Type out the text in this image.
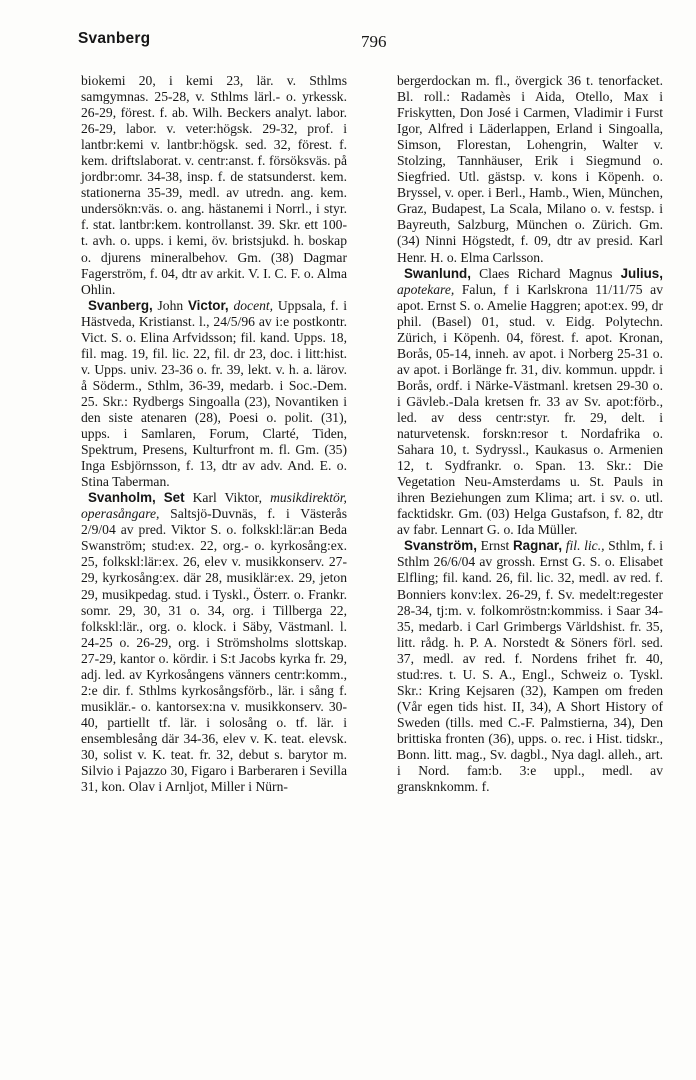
Svanberg	796

biokemi 20, i kemi 23, lär. v. Sthlms samgymnas. 25-28, v. Sthlms lärl.- o. yrkessk. 26-29, förest. f. ab. Wilh. Beckers analyt. labor. 26-29, labor. v. veter:högsk. 29-32, prof. i lantbr:kemi v. lantbr:högsk. sed. 32, förest. f. kem. driftslaborat. v. centr:anst. f. försöksväs. på jordbr:omr. 34-38, insp. f. de statsunderst. kem. stationerna 35-39, medl. av utredn. ang. kem. undersökn:väs. o. ang. hästanemi i Norrl., i styr. f. stat. lantbr:kem. kontrollanst. 39. Skr. ett 100-t. avh. o. upps. i kemi, öv. bristsjukd. h. boskap o. djurens mineralbehov. Gm. (38) Dagmar Fagerström, f. 04, dtr av arkit. V. I. C. F. o. Alma Ohlin.

Svanberg, John Victor, docent, Uppsala, f. i Hästveda, Kristianst. l., 24/5/96 av i:e postkontr. Vict. S. o. Elina Arfvidsson; fil. kand. Upps. 18, fil. mag. 19, fil. lic. 22, fil. dr 23, doc. i litt:hist. v. Upps. univ. 23-36 o. fr. 39, lekt. v. h. a. lärov. å Söderm., Sthlm, 36-39, medarb. i Soc.-Dem. 25. Skr.: Rydbergs Singoalla (23), Novantiken i den siste atenaren (28), Poesi o. polit. (31), upps. i Samlaren, Forum, Clarté, Tiden, Spektrum, Presens, Kulturfront m. fl. Gm. (35) Inga Esbjörnsson, f. 13, dtr av adv. And. E. o. Stina Taberman.

Svanholm, Set Karl Viktor, musikdirektör, operasångare, Saltsjö-Duvnäs, f. i Västerås 2/9/04 av pred. Viktor S. o. folkskl:lär:an Beda Swanström; stud:ex. 22, org.- o. kyrkosång:ex. 25, folkskl:lär:ex. 26, elev v. musikkonserv. 27-29, kyrkosång:ex. där 28, musiklär:ex. 29, jeton 29, musikpedag. stud. i Tyskl., Österr. o. Frankr. somr. 29, 30, 31 o. 34, org. i Tillberga 22, folkskl:lär., org. o. klock. i Säby, Västmanl. l. 24-25 o. 26-29, org. i Strömsholms slottskap. 27-29, kantor o. kördir. i S:t Jacobs kyrka fr. 29, adj. led. av Kyrkosångens vänners centr:komm., 2:e dir. f. Sthlms kyrkosångsförb., lär. i sång f. musiklär.- o. kantorsex:na v. musikkonserv. 30-40, partiellt tf. lär. i solosång o. tf. lär. i ensemblesång där 34-36, elev v. K. teat. elevsk. 30, solist v. K. teat. fr. 32, debut s. barytor m. Silvio i Pajazzo 30, Figaro i Barberaren i Sevilla 31, kon. Olav i Arnljot, Miller i Nürn-

bergerdockan m. fl., övergick 36 t. tenorfacket. Bl. roll.: Radamès i Aida, Otello, Max i Friskytten, Don José i Carmen, Vladimir i Furst Igor, Alfred i Läderlappen, Erland i Singoalla, Simson, Florestan, Lohengrin, Walter v. Stolzing, Tannhäuser, Erik i Siegmund o. Siegfried. Utl. gästsp. v. kons i Köpenh. o. Bryssel, v. oper. i Berl., Hamb., Wien, München, Graz, Budapest, La Scala, Milano o. v. festsp. i Bayreuth, Salzburg, München o. Zürich. Gm. (34) Ninni Högstedt, f. 09, dtr av presid. Karl Henr. H. o. Elma Carlsson.

Swanlund, Claes Richard Magnus Julius, apotekare, Falun, f i Karlskrona 11/11/75 av apot. Ernst S. o. Amelie Haggren; apot:ex. 99, dr phil. (Basel) 01, stud. v. Eidg. Polytechn. Zürich, i Köpenh. 04, förest. f. apot. Kronan, Borås, 05-14, inneh. av apot. i Norberg 25-31 o. av apot. i Borlänge fr. 31, div. kommun. uppdr. i Borås, ordf. i Närke-Västmanl. kretsen 29-30 o. i Gävleb.-Dala kretsen fr. 33 av Sv. apot:förb., led. av dess centr:styr. fr. 29, delt. i naturvetensk. forskn:resor t. Nordafrika o. Sahara 10, t. Sydryssl., Kaukasus o. Armenien 12, t. Sydfrankr. o. Span. 13. Skr.: Die Vegetation Neu-Amsterdams u. St. Pauls in ihren Beziehungen zum Klima; art. i sv. o. utl. facktidskr. Gm. (03) Helga Gustafson, f. 82, dtr av fabr. Lennart G. o. Ida Müller.

Svanström, Ernst Ragnar, fil. lic., Sthlm, f. i Sthlm 26/6/04 av grossh. Ernst G. S. o. Elisabet Elfling; fil. kand. 26, fil. lic. 32, medl. av red. f. Bonniers konv:lex. 26-29, f. Sv. medelt:regester 28-34, tj:m. v. folkomröstn:kommiss. i Saar 34-35, medarb. i Carl Grimbergs Världshist. fr. 35, litt. rådg. h. P. A. Norstedt & Söners förl. sed. 37, medl. av red. f. Nordens frihet fr. 40, stud:res. t. U. S. A., Engl., Schweiz o. Tyskl. Skr.: Kring Kejsaren (32), Kampen om freden (Vår egen tids hist. II, 34), A Short History of Sweden (tills. med C.-F. Palmstierna, 34), Den brittiska fronten (36), upps. o. rec. i Hist. tidskr., Bonn. litt. mag., Sv. dagbl., Nya dagl. alleh., art. i Nord. fam:b. 3:e uppl., medl. av gransknkomm. f.
